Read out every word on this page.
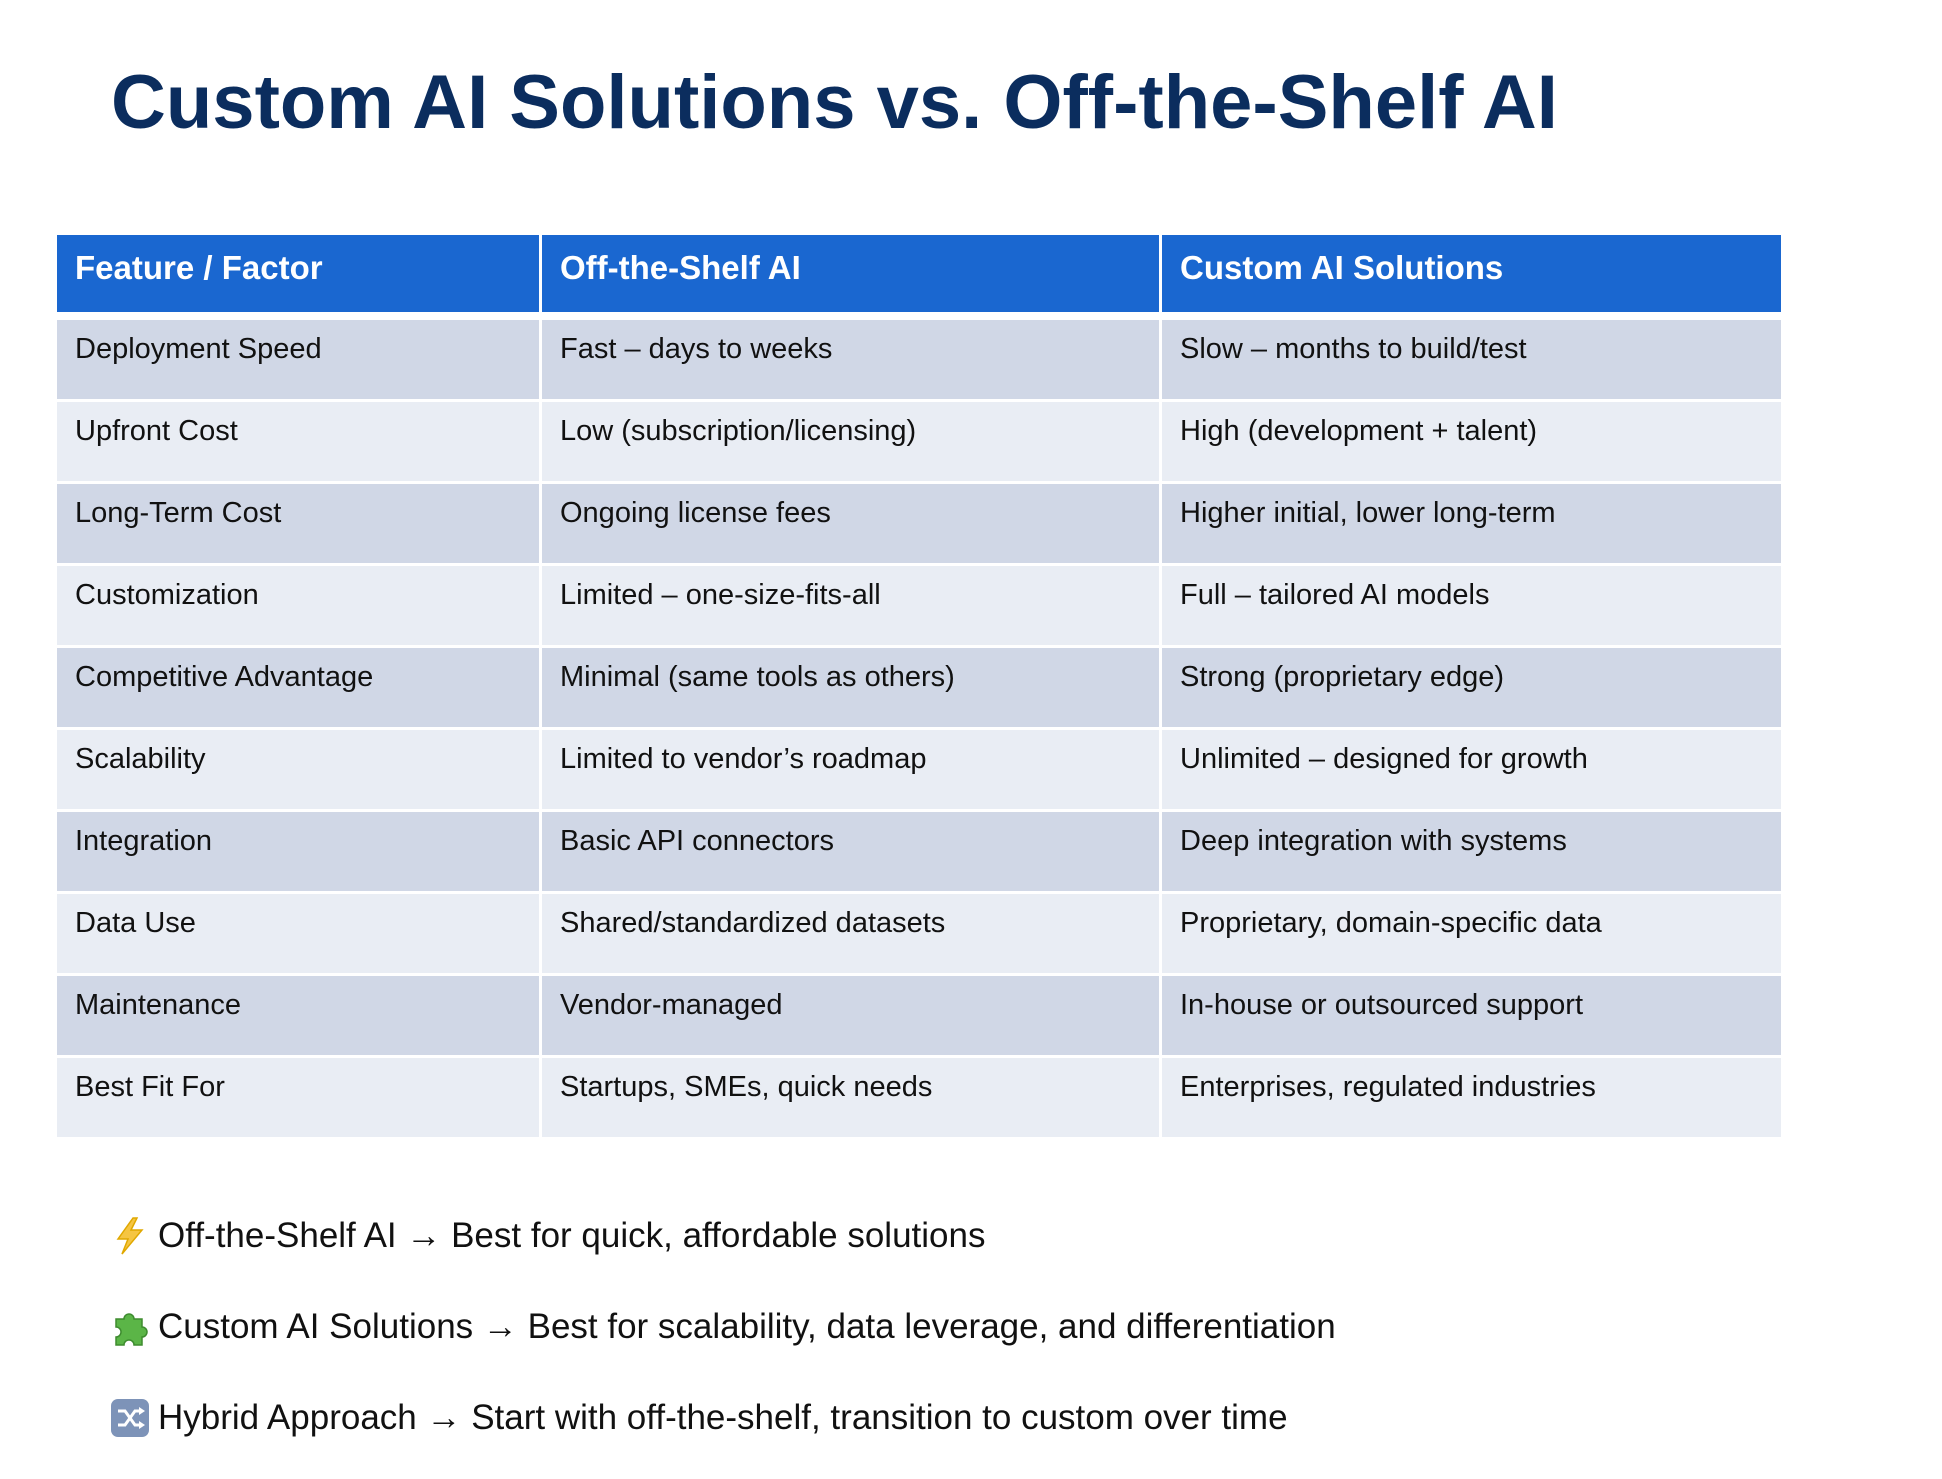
Custom AI Solutions vs. Off-the-Shelf AI
Feature / Factor	Off-the-Shelf AI	Custom AI Solutions
Deployment Speed	Fast – days to weeks	Slow – months to build/test
Upfront Cost	Low (subscription/licensing)	High (development + talent)
Long-Term Cost	Ongoing license fees	Higher initial, lower long-term
Customization	Limited – one-size-fits-all	Full – tailored AI models
Competitive Advantage	Minimal (same tools as others)	Strong (proprietary edge)
Scalability	Limited to vendor’s roadmap	Unlimited – designed for growth
Integration	Basic API connectors	Deep integration with systems
Data Use	Shared/standardized datasets	Proprietary, domain-specific data
Maintenance	Vendor-managed	In-house or outsourced support
Best Fit For	Startups, SMEs, quick needs	Enterprises, regulated industries
Off-the-Shelf AI → Best for quick, affordable solutions
Custom AI Solutions → Best for scalability, data leverage, and differentiation
Hybrid Approach → Start with off-the-shelf, transition to custom over time
